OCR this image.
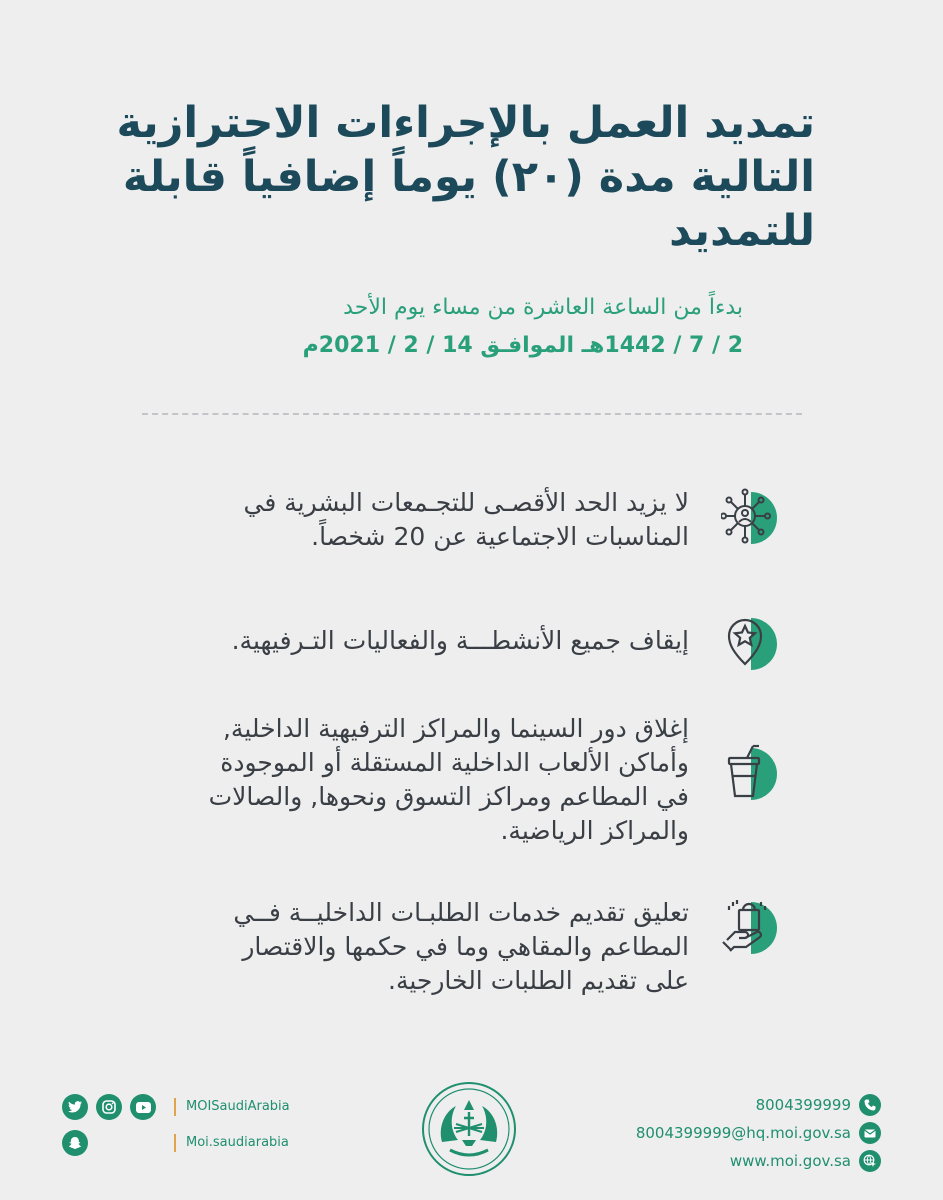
تمديد العمل بالإجراءات الاحترازية
التالية مدة (٢٠) يوماً إضافياً قابلة
للتمديد
بدءاً من الساعة العاشرة من مساء يوم الأحد
2 / 7 / 1442هـ الموافـق 14 / 2 / 2021م
لا يزيد الحد الأقصـى للتجـمعات البشرية في
المناسبات الاجتماعية عن 20 شخصاً.
إيقاف جميع الأنشطـــة والفعاليات التـرفيهية.
إغلاق دور السينما والمراكز الترفيهية الداخلية,
وأماكن الألعاب الداخلية المستقلة أو الموجودة
في المطاعم ومراكز التسوق ونحوها, والصالات
والمراكز الرياضية.
تعليق تقديم خدمات الطلبـات الداخليــة فــي
المطاعم والمقاهي وما في حكمها والاقتصار
على تقديم الطلبات الخارجية.
MOISaudiArabia
Moi.saudiarabia
8004399999
8004399999@hq.moi.gov.sa
www.moi.gov.sa
